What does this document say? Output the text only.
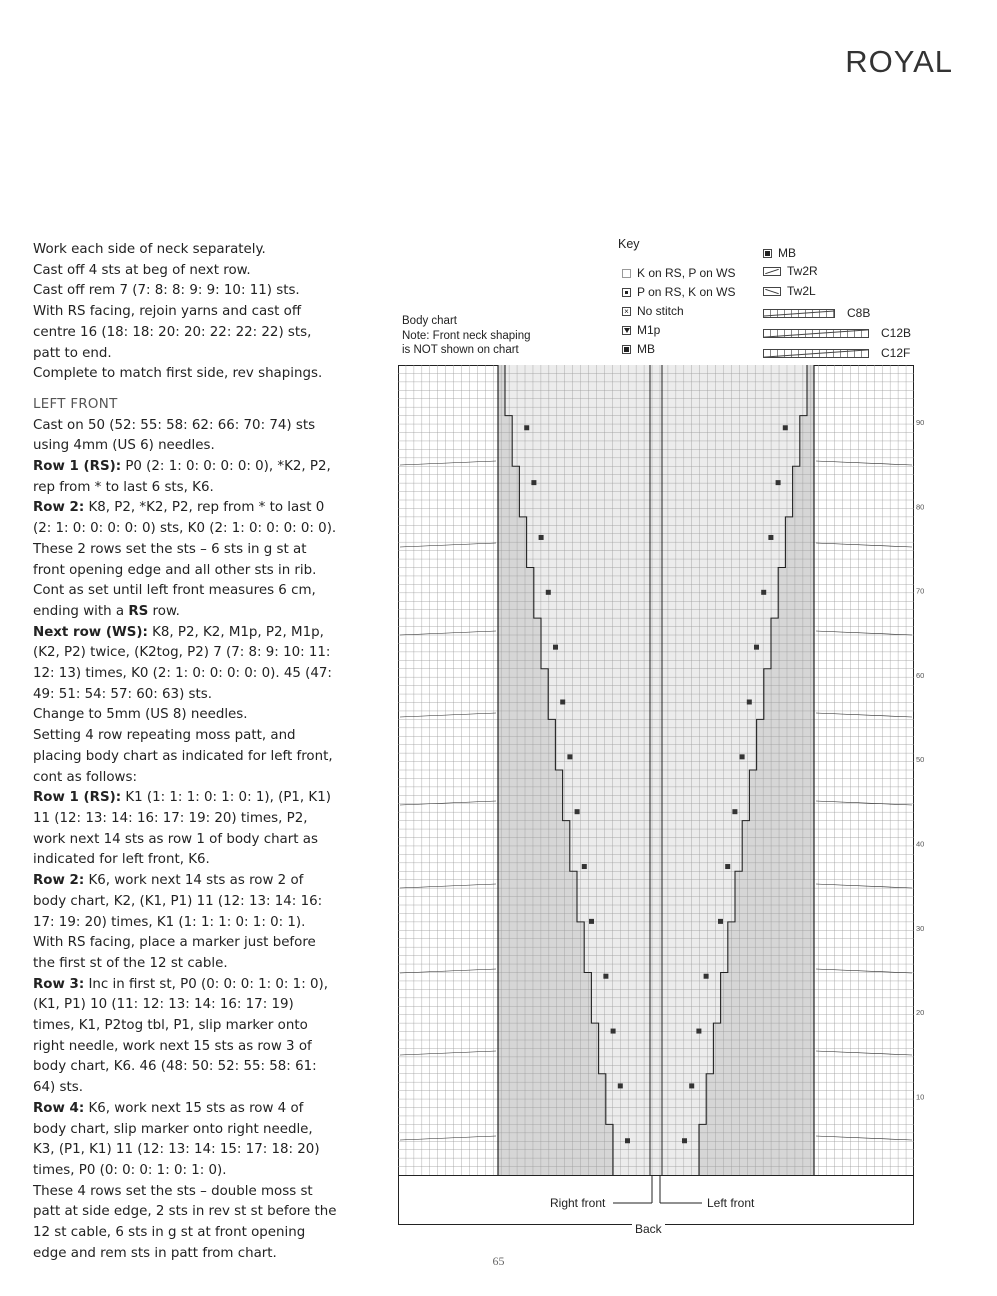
ROYAL

Work each side of neck separately.

Cast off 4 sts at beg of next row.

Cast off rem 7 (7: 8: 8: 9: 9: 10: 11) sts.

With RS facing, rejoin yarns and cast off centre 16 (18: 18: 20: 20: 22: 22: 22) sts, patt to end.

Complete to match first side, rev shapings.

LEFT FRONT

Cast on 50 (52: 55: 58: 62: 66: 70: 74) sts using 4mm (US 6) needles.

Row 1 (RS): P0 (2: 1: 0: 0: 0: 0: 0), *K2, P2, rep from * to last 6 sts, K6.

Row 2: K8, P2, *K2, P2, rep from * to last 0 (2: 1: 0: 0: 0: 0: 0) sts, K0 (2: 1: 0: 0: 0: 0: 0).

These 2 rows set the sts – 6 sts in g st at front opening edge and all other sts in rib.

Cont as set until left front measures 6 cm, ending with a RS row.

Next row (WS): K8, P2, K2, M1p, P2, M1p, (K2, P2) twice, (K2tog, P2) 7 (7: 8: 9: 10: 11: 12: 13) times, K0 (2: 1: 0: 0: 0: 0: 0). 45 (47: 49: 51: 54: 57: 60: 63) sts.

Change to 5mm (US 8) needles.

Setting 4 row repeating moss patt, and placing body chart as indicated for left front, cont as follows:

Row 1 (RS): K1 (1: 1: 1: 0: 1: 0: 1), (P1, K1) 11 (12: 13: 14: 16: 17: 19: 20) times, P2, work next 14 sts as row 1 of body chart as indicated for left front, K6.

Row 2: K6, work next 14 sts as row 2 of body chart, K2, (K1, P1) 11 (12: 13: 14: 16: 17: 19: 20) times, K1 (1: 1: 1: 0: 1: 0: 1).

With RS facing, place a marker just before the first st of the 12 st cable.

Row 3: Inc in first st, P0 (0: 0: 0: 1: 0: 1: 0), (K1, P1) 10 (11: 12: 13: 14: 16: 17: 19) times, K1, P2tog tbl, P1, slip marker onto right needle, work next 15 sts as row 3 of body chart, K6. 46 (48: 50: 52: 55: 58: 61: 64) sts.

Row 4: K6, work next 15 sts as row 4 of body chart, slip marker onto right needle, K3, (P1, K1) 11 (12: 13: 14: 15: 17: 18: 20) times, P0 (0: 0: 0: 1: 0: 1: 0).

These 4 rows set the sts – double moss st patt at side edge, 2 sts in rev st st before the 12 st cable, 6 sts in g st at front opening edge and rem sts in patt from chart.

Key
K on RS, P on WS
P on RS, K on WS
× No stitch
M1p
MB
MB
Tw2R
Tw2L
C8B
C12B
C12F
Body chart
Note: Front neck shaping
is NOT shown on chart
90
80
70
60
50
40
30
20
10
Right front	Left front
Back
65
